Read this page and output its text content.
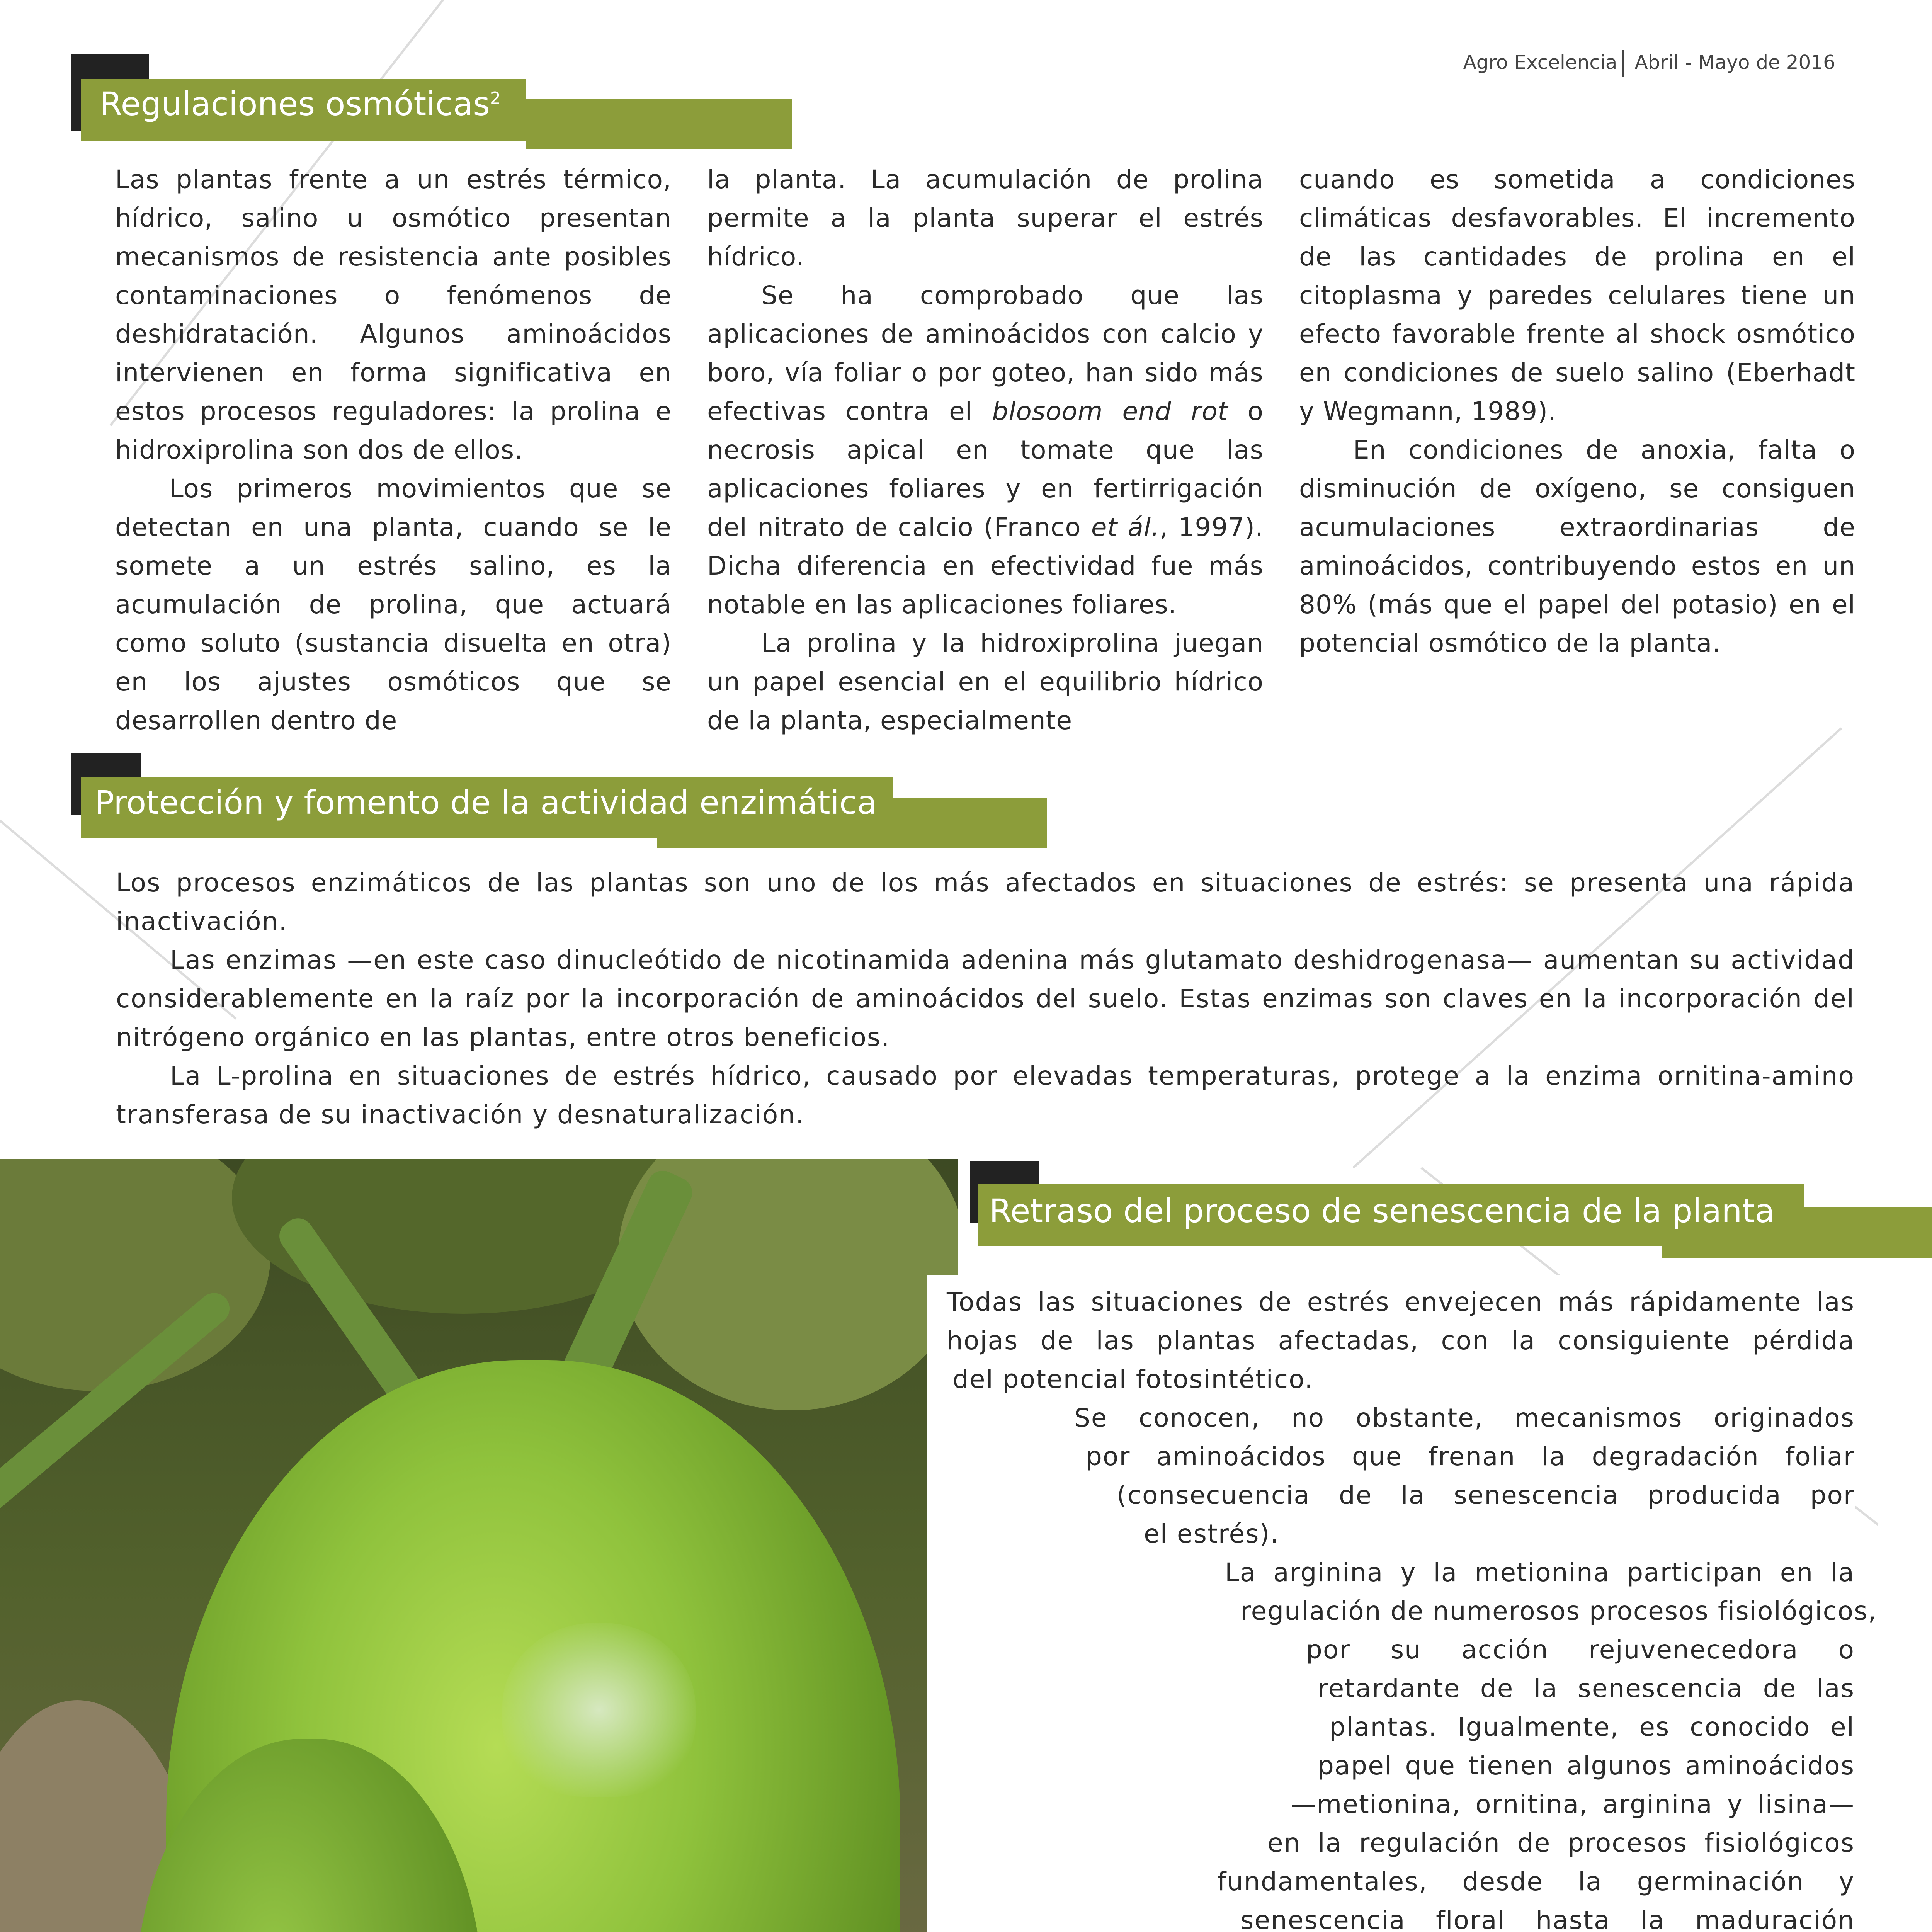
Agro Excelencia Abril - Mayo de 2016
Regulaciones osmóticas$^2$

Las plantas frente a un estrés térmico, hídrico, salino u osmótico presentan mecanismos de resistencia ante posibles contaminaciones o fenómenos de deshidratación. Algunos aminoácidos intervienen en forma significativa en estos procesos reguladores: la prolina e hidroxiprolina son dos de ellos.

Los primeros movimientos que se detectan en una planta, cuando se le somete a un estrés salino, es la acumulación de prolina, que actuará como soluto (sustancia disuelta en otra) en los ajustes osmóticos que se desarrollen dentro de

la planta. La acumulación de prolina permite a la planta superar el estrés hídrico.

Se ha comprobado que las aplicaciones de aminoácidos con calcio y boro, vía foliar o por goteo, han sido más efectivas contra el blosoom end rot o necrosis apical en tomate que las aplicaciones foliares y en fertirrigación del nitrato de calcio (Franco et ál., 1997). Dicha diferencia en efectividad fue más notable en las aplicaciones foliares.

La prolina y la hidroxiprolina juegan un papel esencial en el equilibrio hídrico de la planta, especialmente

cuando es sometida a condiciones climáticas desfavorables. El incremento de las cantidades de prolina en el citoplasma y paredes celulares tiene un efecto favorable frente al shock osmótico en condiciones de suelo salino (Eberhadt y Wegmann, 1989).

En condiciones de anoxia, falta o disminución de oxígeno, se consiguen acumulaciones extraordinarias de aminoácidos, contribuyendo estos en un 80% (más que el papel del potasio) en el potencial osmótico de la planta.

Protección y fomento de la actividad enzimática

Los procesos enzimáticos de las plantas son uno de los más afectados en situaciones de estrés: se presenta una rápida inactivación.

Las enzimas —en este caso dinucleótido de nicotinamida adenina más glutamato deshidrogenasa— aumentan su actividad considerablemente en la raíz por la incorporación de aminoácidos del suelo. Estas enzimas son claves en la incorporación del nitrógeno orgánico en las plantas, entre otros beneficios.

La L-prolina en situaciones de estrés hídrico, causado por elevadas temperaturas, protege a la enzima ornitina-amino transferasa de su inactivación y desnaturalización.

Retraso del proceso de senescencia de la planta
Todas las situaciones de estrés envejecen más rápidamente las
hojas de las plantas afectadas, con la consiguiente pérdida
del potencial fotosintético.
Se conocen, no obstante, mecanismos originados
por aminoácidos que frenan la degradación foliar
(consecuencia de la senescencia producida por
el estrés).
La arginina y la metionina participan en la
regulación de numerosos procesos fisiológicos,
por su acción rejuvenecedora o
retardante de la senescencia de las
plantas. Igualmente, es conocido el
papel que tienen algunos aminoácidos
—metionina, ornitina, arginina y lisina—
en la regulación de procesos fisiológicos
fundamentales, desde la germinación y
senescencia floral hasta la maduración
